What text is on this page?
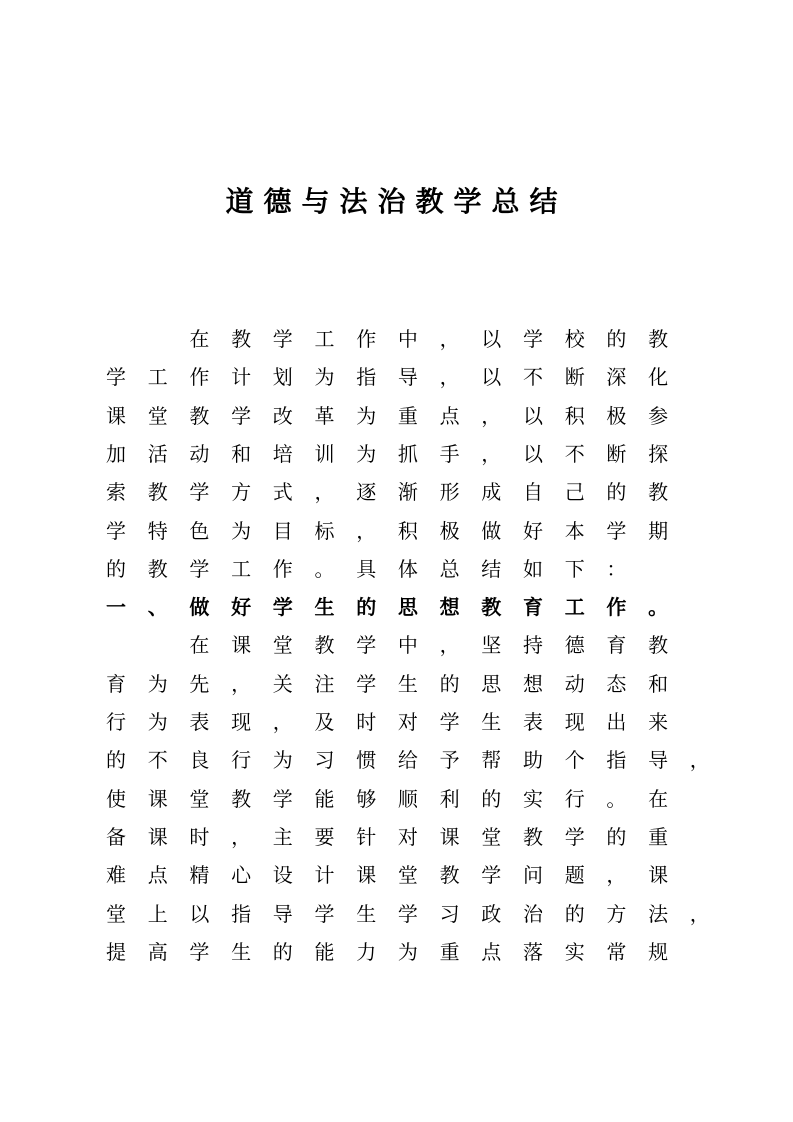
道德与法治教学总结
在 教 学 工 作 中 ， 以 学 校 的 教
学 工 作 计 划 为 指 导 ， 以 不 断 深 化
课 堂 教 学 改 革 为 重 点 ， 以 积 极 参
加 活 动 和 培 训 为 抓 手 ， 以 不 断 探
索 教 学 方 式 ， 逐 渐 形 成 自 己 的 教
学 特 色 为 目 标 ， 积 极 做 好 本 学 期
的 教 学 工 作 。 具 体 总 结 如 下 ：
一 、 做 好 学 生 的 思 想 教 育 工 作 。
在 课 堂 教 学 中 ， 坚 持 德 育 教
育 为 先 ， 关 注 学 生 的 思 想 动 态 和
行 为 表 现 ， 及 时 对 学 生 表 现 出 来
的 不 良 行 为 习 惯 给 予 帮 助 个 指 导 ，
使 课 堂 教 学 能 够 顺 利 的 实 行 。 在
备 课 时 ， 主 要 针 对 课 堂 教 学 的 重
难 点 精 心 设 计 课 堂 教 学 问 题 ， 课
堂 上 以 指 导 学 生 学 习 政 治 的 方 法 ，
提 高 学 生 的 能 力 为 重 点 落 实 常 规
